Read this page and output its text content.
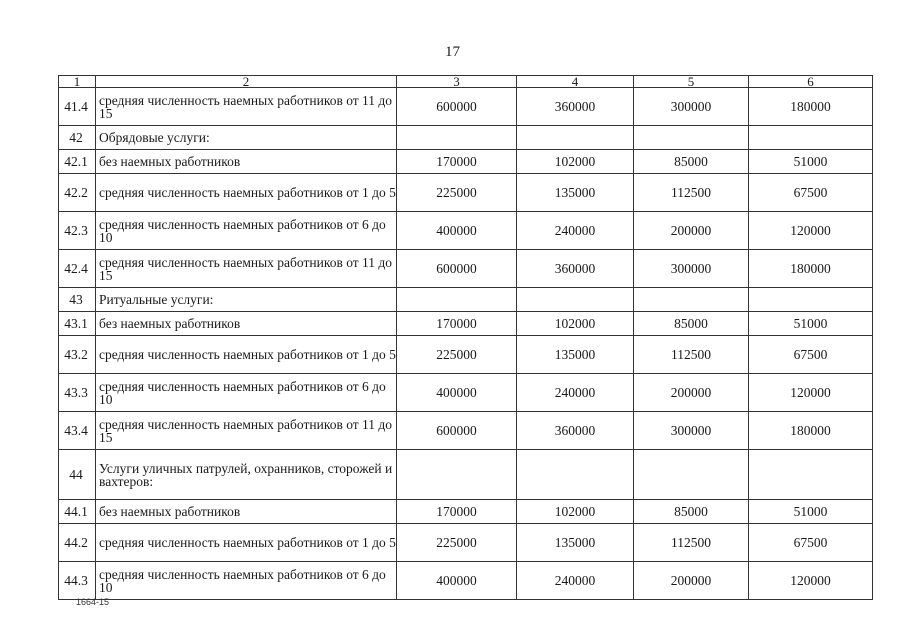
17
1	2	3	4	5	6
41.4	средняя численность наемных работников от 11 до 15	600000	360000	300000	180000
42	Обрядовые услуги:				
42.1	без наемных работников	170000	102000	85000	51000
42.2	средняя численность наемных работников от 1 до 5	225000	135000	112500	67500
42.3	средняя численность наемных работников от 6 до 10	400000	240000	200000	120000
42.4	средняя численность наемных работников от 11 до 15	600000	360000	300000	180000
43	Ритуальные услуги:				
43.1	без наемных работников	170000	102000	85000	51000
43.2	средняя численность наемных работников от 1 до 5	225000	135000	112500	67500
43.3	средняя численность наемных работников от 6 до 10	400000	240000	200000	120000
43.4	средняя численность наемных работников от 11 до 15	600000	360000	300000	180000
44	Услуги уличных патрулей, охранников, сторожей и вахтеров:				
44.1	без наемных работников	170000	102000	85000	51000
44.2	средняя численность наемных работников от 1 до 5	225000	135000	112500	67500
44.3	средняя численность наемных работников от 6 до 10	400000	240000	200000	120000
1664-15
